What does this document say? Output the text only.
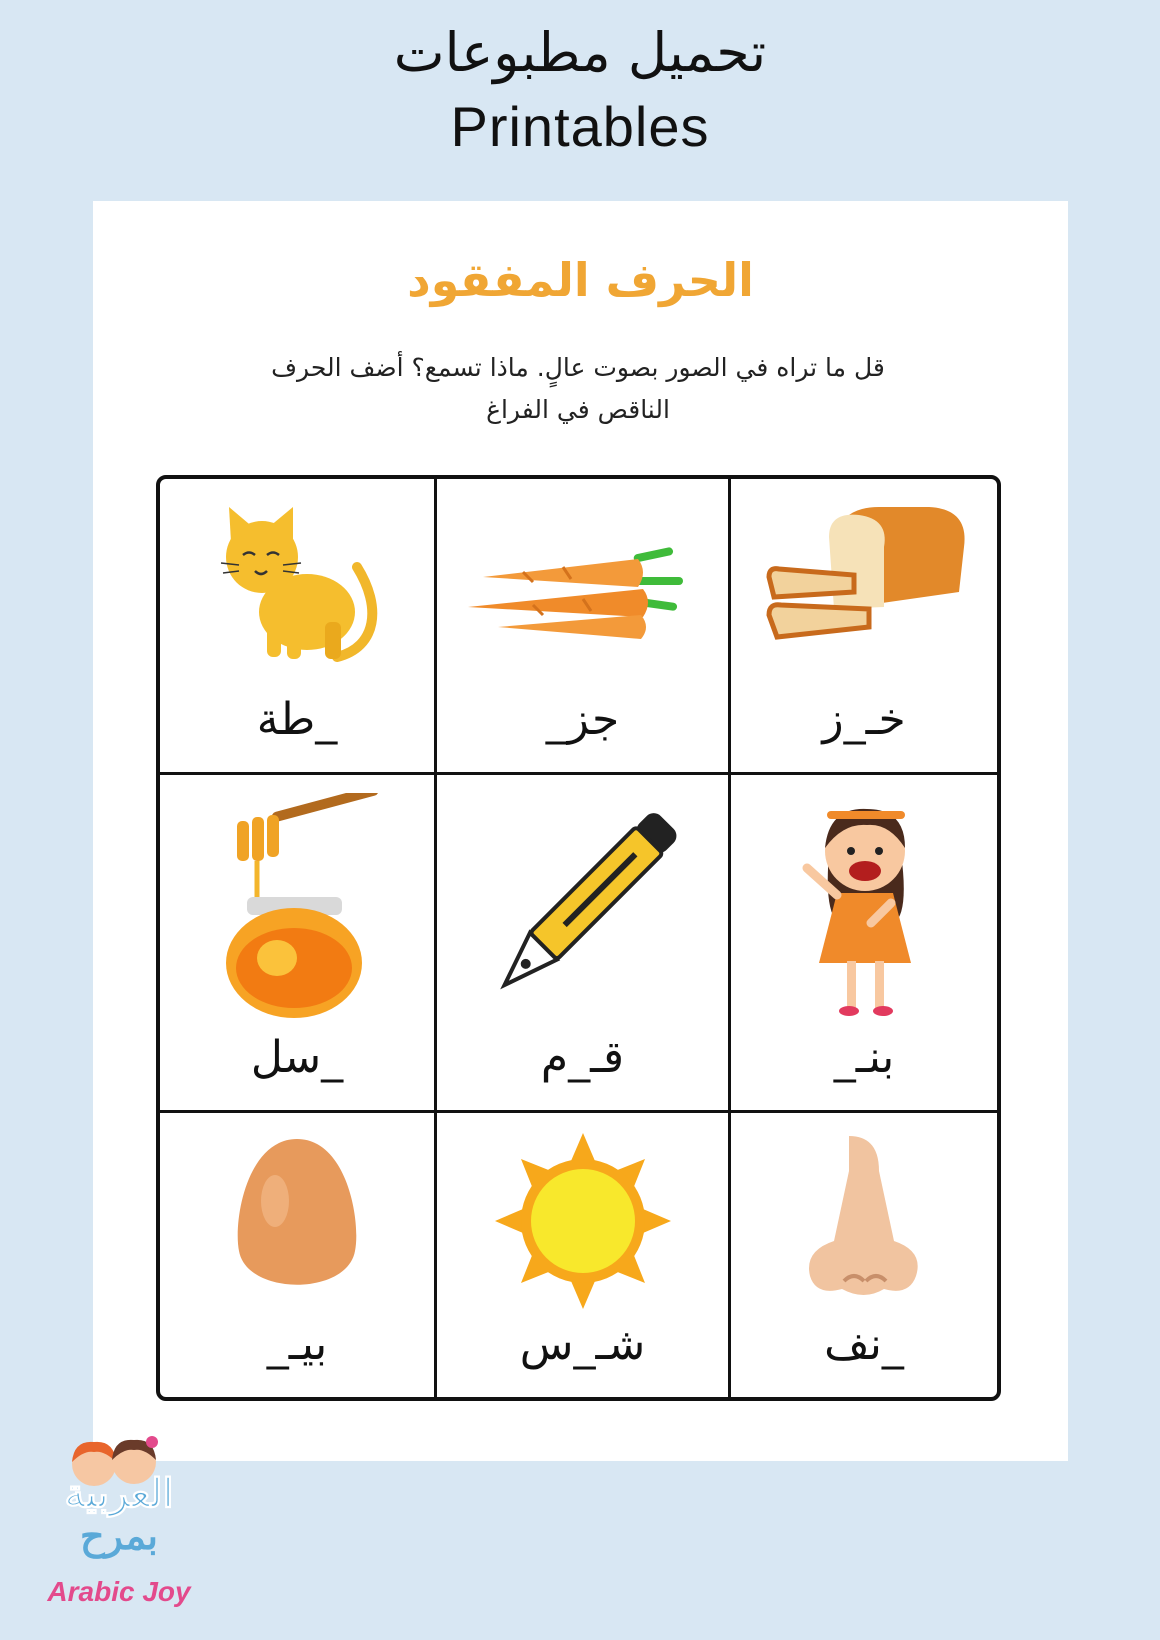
تحميل مطبوعات
Printables
الحرف المفقود
قل ما تراه في الصور بصوت عالٍ. ماذا تسمع؟ أضف الحرف الناقص في الفراغ
_طة	جز_	خـ_ز
_سل	قـ_م	بنـ_
بيـ_	شـ_س	_نف
العربية
بمرح
Arabic Joy
